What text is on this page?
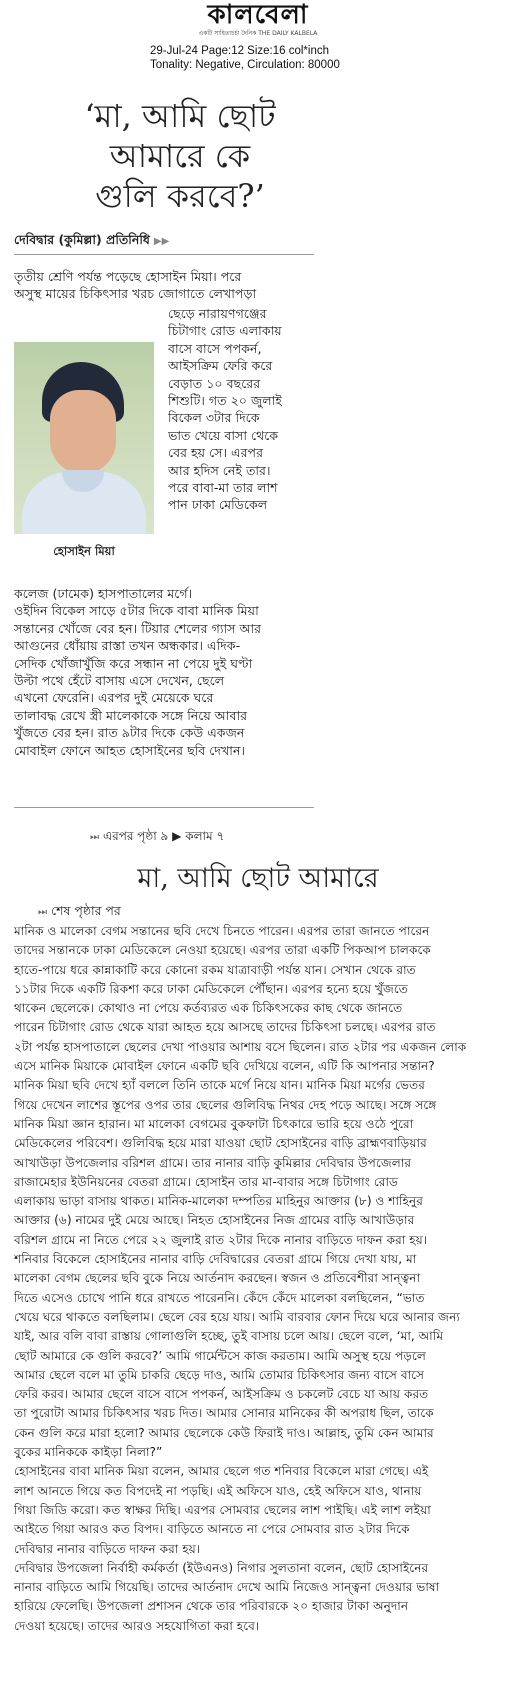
কালবেলা
একটি সাহিত্যচর্চা দৈনিক THE DAILY KALBELA
29-Jul-24 Page:12 Size:16 col*inch
Tonality: Negative, Circulation: 80000
‘মা, আমি ছোট
আমারে কে
গুলি করবে?’
দেবিদ্বার (কুমিল্লা) প্রতিনিধি ▶▶
তৃতীয় শ্রেণি পর্যন্ত পড়েছে হোসাইন মিয়া। পরে
অসুস্থ মায়ের চিকিৎসার খরচ জোগাতে লেখাপড়া
হোসাইন মিয়া
ছেড়ে নারায়ণগঞ্জের
চিটাগাং রোড এলাকায়
বাসে বাসে পপকর্ন,
আইসক্রিম ফেরি করে
বেড়াত ১০ বছরের
শিশুটি। গত ২০ জুলাই
বিকেল ৩টার দিকে
ভাত খেয়ে বাসা থেকে
বের হয় সে। এরপর
আর হদিস নেই তার।
পরে বাবা-মা তার লাশ
পান ঢাকা মেডিকেল
কলেজ (ঢামেক) হাসপাতালের মর্গে।
ওইদিন বিকেল সাড়ে ৫টার দিকে বাবা মানিক মিয়া
সন্তানের খোঁজে বের হন। টিয়ার শেলের গ্যাস আর
আগুনের ধোঁয়ায় রাস্তা তখন অন্ধকার। এদিক-
সেদিক খোঁজাখুঁজি করে সন্ধান না পেয়ে দুই ঘণ্টা
উল্টা পথে হেঁটে বাসায় এসে দেখেন, ছেলে
এখনো ফেরেনি। এরপর দুই মেয়েকে ঘরে
তালাবদ্ধ রেখে স্ত্রী মালেকাকে সঙ্গে নিয়ে আবার
খুঁজতে বের হন। রাত ৯টার দিকে কেউ একজন
মোবাইল ফোনে আহত হোসাইনের ছবি দেখান।
⏭ এরপর পৃষ্ঠা ৯ ▶ কলাম ৭
মা, আমি ছোট আমারে
⏭ শেষ পৃষ্ঠার পর
মানিক ও মালেকা বেগম সন্তানের ছবি দেখে চিনতে পারেন। এরপর তারা জানতে পারেন
তাদের সন্তানকে ঢাকা মেডিকেলে নেওয়া হয়েছে। এরপর তারা একটি পিকআপ চালককে
হাতে-পায়ে ধরে কান্নাকাটি করে কোনো রকম যাত্রাবাড়ী পর্যন্ত যান। সেখান থেকে রাত
১১টার দিকে একটি রিকশা করে ঢাকা মেডিকেলে পৌঁছান। এরপর হন্যে হয়ে খুঁজতে
থাকেন ছেলেকে। কোথাও না পেয়ে কর্তব্যরত এক চিকিৎসকের কাছ থেকে জানতে
পারেন চিটাগাং রোড থেকে যারা আহত হয়ে আসছে তাদের চিকিৎসা চলছে। এরপর রাত
২টা পর্যন্ত হাসপাতালে ছেলের দেখা পাওয়ার আশায় বসে ছিলেন। রাত ২টার পর একজন লোক
এসে মানিক মিয়াকে মোবাইল ফোনে একটি ছবি দেখিয়ে বলেন, এটি কি আপনার সন্তান?
মানিক মিয়া ছবি দেখে হ্যাঁ বললে তিনি তাকে মর্গে নিয়ে যান। মানিক মিয়া মর্গের ভেতর
গিয়ে দেখেন লাশের স্তূপের ওপর তার ছেলের গুলিবিদ্ধ নিথর দেহ পড়ে আছে। সঙ্গে সঙ্গে
মানিক মিয়া জ্ঞান হারান। মা মালেকা বেগমের বুকফাটা চিৎকারে ভারি হয়ে ওঠে পুরো
মেডিকেলের পরিবেশ। গুলিবিদ্ধ হয়ে মারা যাওয়া ছোট হোসাইনের বাড়ি ব্রাহ্মণবাড়িয়ার
আখাউড়া উপজেলার বরিশল গ্রামে। তার নানার বাড়ি কুমিল্লার দেবিদ্বার উপজেলার
রাজামেহার ইউনিয়নের বেতরা গ্রামে। হোসাইন তার মা-বাবার সঙ্গে চিটাগাং রোড
এলাকায় ভাড়া বাসায় থাকত। মানিক-মালেকা দম্পতির মাহিনুর আক্তার (৮) ও শাহিনুর
আক্তার (৬) নামের দুই মেয়ে আছে। নিহত হোসাইনের নিজ গ্রামের বাড়ি আখাউড়ার
বরিশল গ্রামে না নিতে পেরে ২২ জুলাই রাত ২টার দিকে নানার বাড়িতে দাফন করা হয়।
শনিবার বিকেলে হোসাইনের নানার বাড়ি দেবিদ্বারের বেতরা গ্রামে গিয়ে দেখা যায়, মা
মালেকা বেগম ছেলের ছবি বুকে নিয়ে আর্তনাদ করছেন। স্বজন ও প্রতিবেশীরা সান্ত্বনা
দিতে এসেও চোখে পানি ধরে রাখতে পারেননি। কেঁদে কেঁদে মালেকা বলছিলেন, “ভাত
খেয়ে ঘরে থাকতে বলছিলাম। ছেলে বের হয়ে যায়। আমি বারবার ফোন দিয়ে ঘরে আনার জন্য
যাই, আর বলি বাবা রাস্তায় গোলাগুলি হচ্ছে, তুই বাসায় চলে আয়। ছেলে বলে, ‘মা, আমি
ছোট আমারে কে গুলি করবে?’ আমি গার্মেন্টসে কাজ করতাম। আমি অসুস্থ হয়ে পড়লে
আমার ছেলে বলে মা তুমি চাকরি ছেড়ে দাও, আমি তোমার চিকিৎসার জন্য বাসে বাসে
ফেরি করব। আমার ছেলে বাসে বাসে পপকর্ন, আইসক্রিম ও চকলেট বেচে যা আয় করত
তা পুরোটা আমার চিকিৎসার খরচ দিত। আমার সোনার মানিকের কী অপরাধ ছিল, তাকে
কেন গুলি করে মারা হলো? আমার ছেলেকে কেউ ফিরাই দাও। আল্লাহ, তুমি কেন আমার
বুকের মানিককে কাইড়া নিলা?”
হোসাইনের বাবা মানিক মিয়া বলেন, আমার ছেলে গত শনিবার বিকেলে মারা গেছে। এই
লাশ আনতে গিয়ে কত বিপদেই না পড়ছি। এই অফিসে যাও, হেই অফিসে যাও, থানায়
গিয়া জিডি করো। কত স্বাক্ষর দিছি। এরপর সোমবার ছেলের লাশ পাইছি। এই লাশ লইয়া
আইতে গিয়া আরও কত বিপদ। বাড়িতে আনতে না পেরে সোমবার রাত ২টার দিকে
দেবিদ্বার নানার বাড়িতে দাফন করা হয়।
দেবিদ্বার উপজেলা নির্বাহী কর্মকর্তা (ইউএনও) নিগার সুলতানা বলেন, ছোট হোসাইনের
নানার বাড়িতে আমি গিয়েছি। তাদের আর্তনাদ দেখে আমি নিজেও সান্ত্বনা দেওয়ার ভাষা
হারিয়ে ফেলেছি। উপজেলা প্রশাসন থেকে তার পরিবারকে ২০ হাজার টাকা অনুদান
দেওয়া হয়েছে। তাদের আরও সহযোগিতা করা হবে।
